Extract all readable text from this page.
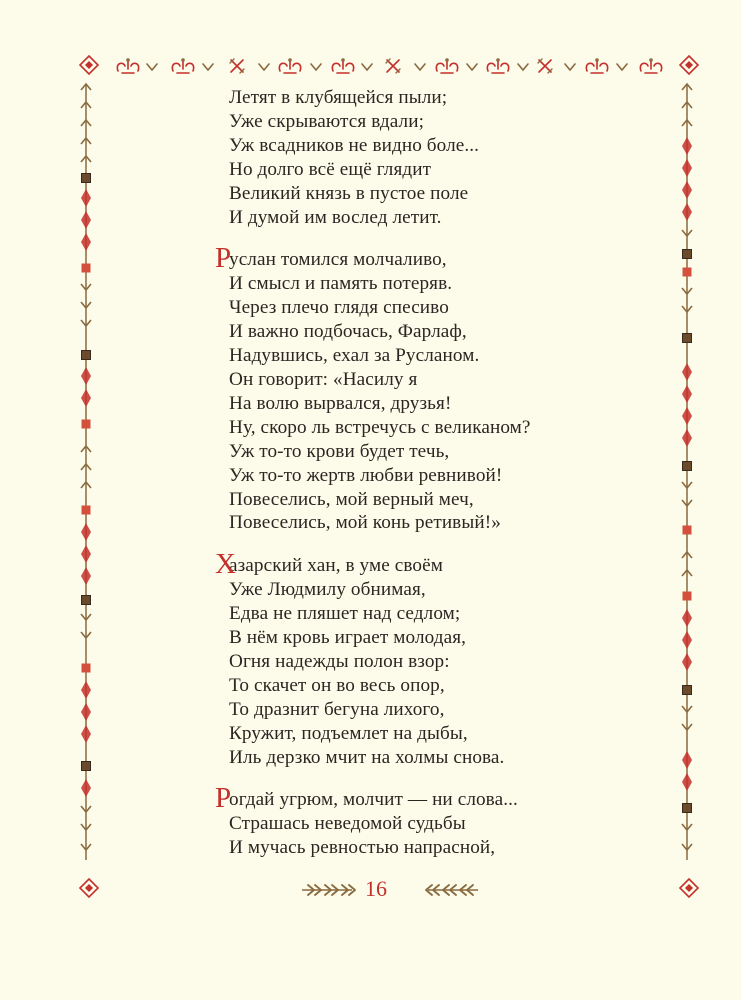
Летят в клубящейся пыли;
Уже скрываются вдали;
Уж всадников не видно боле...
Но долго всё ещё глядит
Великий князь в пустое поле
И думой им вослед летит.
Р
услан томился молчаливо,
И смысл и память потеряв.
Через плечо глядя спесиво
И важно подбочась, Фарлаф,
Надувшись, ехал за Русланом.
Он говорит: «Насилу я
На волю вырвался, друзья!
Ну, скоро ль встречусь с великаном?
Уж то-то крови будет течь,
Уж то-то жертв любви ревнивой!
Повеселись, мой верный меч,
Повеселись, мой конь ретивый!»
Х
азарский хан, в уме своём
Уже Людмилу обнимая,
Едва не пляшет над седлом;
В нём кровь играет молодая,
Огня надежды полон взор:
То скачет он во весь опор,
То дразнит бегуна лихого,
Кружит, подъемлет на дыбы,
Иль дерзко мчит на холмы снова.
Р
огдай угрюм, молчит — ни слова...
Страшась неведомой судьбы
И мучась ревностью напрасной,
16
